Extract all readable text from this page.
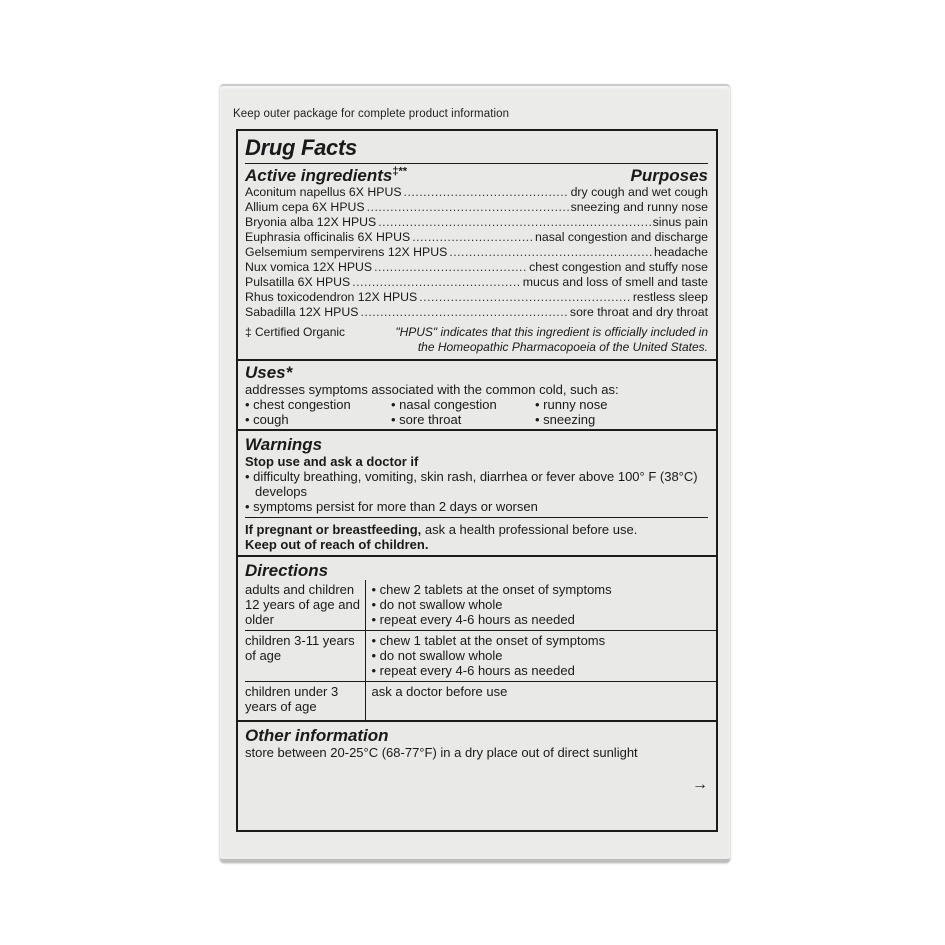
Keep outer package for complete product information
Drug Facts
Active ingredients‡**	Purposes
Aconitum napellus 6X HPUS .....	dry cough and wet cough
Allium cepa 6X HPUS .....	sneezing and runny nose
Bryonia alba 12X HPUS .....	sinus pain
Euphrasia officinalis 6X HPUS .....	nasal congestion and discharge
Gelsemium sempervirens 12X HPUS .....	headache
Nux vomica 12X HPUS .....	chest congestion and stuffy nose
Pulsatilla 6X HPUS .....	mucus and loss of smell and taste
Rhus toxicodendron 12X HPUS .....	restless sleep
Sabadilla 12X HPUS .....	sore throat and dry throat
‡ Certified Organic	"HPUS" indicates that this ingredient is officially included in the Homeopathic Pharmacopoeia of the United States.
Uses*
addresses symptoms associated with the common cold, such as:
• chest congestion	• nasal congestion	• runny nose
• cough	• sore throat	• sneezing
Warnings
Stop use and ask a doctor if
• difficulty breathing, vomiting, skin rash, diarrhea or fever above 100° F (38°C) develops
• symptoms persist for more than 2 days or worsen
If pregnant or breastfeeding, ask a health professional before use.
Keep out of reach of children.
Directions
adults and children 12 years of age and older	• chew 2 tablets at the onset of symptoms
• do not swallow whole
• repeat every 4-6 hours as needed

children 3-11 years of age	• chew 1 tablet at the onset of symptoms
• do not swallow whole
• repeat every 4-6 hours as needed

children under 3 years of age	ask a doctor before use
Other information
store between 20-25°C (68-77°F) in a dry place out of direct sunlight
→
